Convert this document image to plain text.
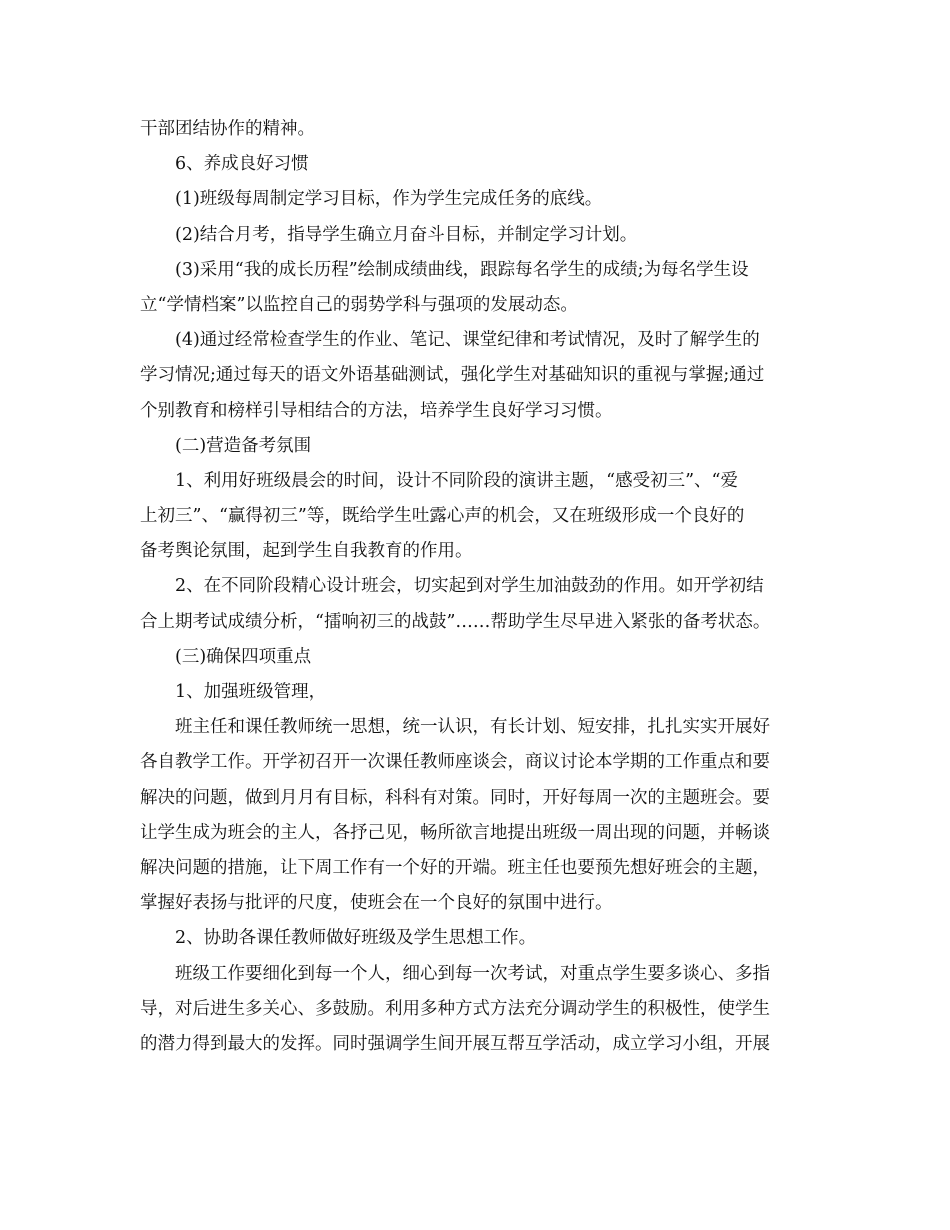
干部团结协作的精神。
6、养成良好习惯
(1)班级每周制定学习目标，作为学生完成任务的底线。
(2)结合月考，指导学生确立月奋斗目标，并制定学习计划。
(3)采用“我的成长历程”绘制成绩曲线，跟踪每名学生的成绩;为每名学生设
立“学情档案”以监控自己的弱势学科与强项的发展动态。
(4)通过经常检查学生的作业、笔记、课堂纪律和考试情况，及时了解学生的
学习情况;通过每天的语文外语基础测试，强化学生对基础知识的重视与掌握;通过
个别教育和榜样引导相结合的方法，培养学生良好学习习惯。
(二)营造备考氛围
1、利用好班级晨会的时间，设计不同阶段的演讲主题，“感受初三”、“爱
上初三”、“赢得初三”等，既给学生吐露心声的机会，又在班级形成一个良好的
备考舆论氛围，起到学生自我教育的作用。
2、在不同阶段精心设计班会，切实起到对学生加油鼓劲的作用。如开学初结
合上期考试成绩分析，“擂响初三的战鼓”……帮助学生尽早进入紧张的备考状态。
(三)确保四项重点
1、加强班级管理，
班主任和课任教师统一思想，统一认识，有长计划、短安排，扎扎实实开展好
各自教学工作。开学初召开一次课任教师座谈会，商议讨论本学期的工作重点和要
解决的问题，做到月月有目标，科科有对策。同时，开好每周一次的主题班会。要
让学生成为班会的主人，各抒己见，畅所欲言地提出班级一周出现的问题，并畅谈
解决问题的措施，让下周工作有一个好的开端。班主任也要预先想好班会的主题，
掌握好表扬与批评的尺度，使班会在一个良好的氛围中进行。
2、协助各课任教师做好班级及学生思想工作。
班级工作要细化到每一个人，细心到每一次考试，对重点学生要多谈心、多指
导，对后进生多关心、多鼓励。利用多种方式方法充分调动学生的积极性，使学生
的潜力得到最大的发挥。同时强调学生间开展互帮互学活动，成立学习小组，开展
